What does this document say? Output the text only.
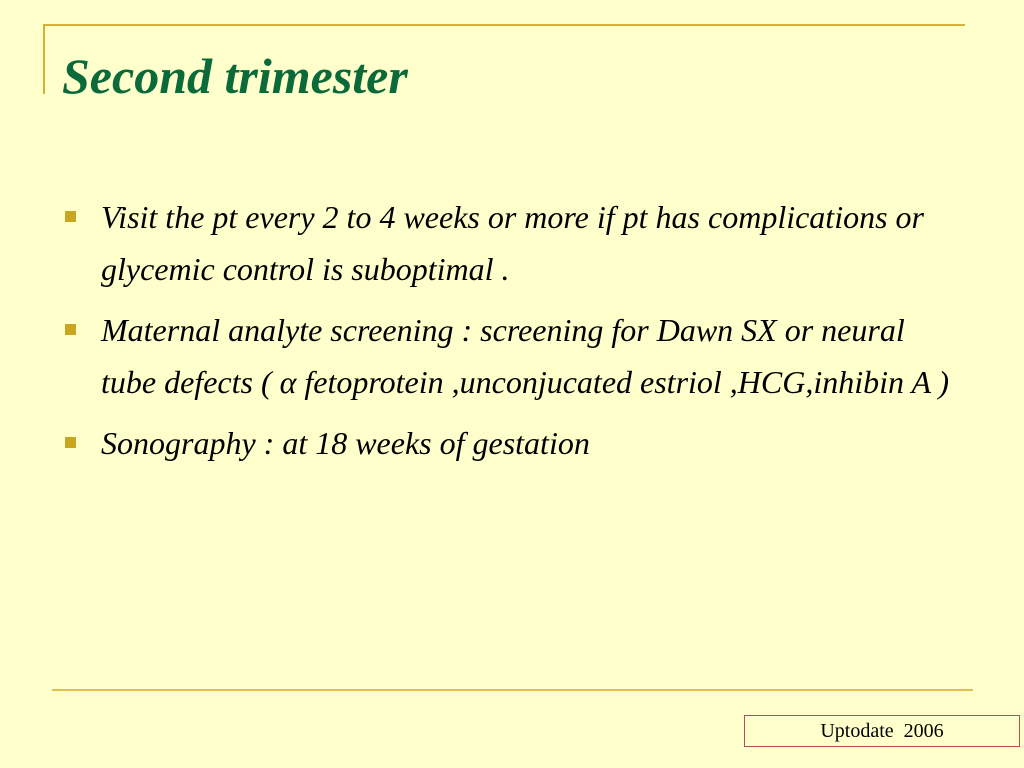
Second trimester
Visit the pt every 2 to 4 weeks or more if pt has complications or glycemic control is suboptimal .
Maternal analyte screening : screening for Dawn SX or neural tube defects ( α fetoprotein ,unconjucated estriol ,HCG,inhibin A )
Sonography : at 18 weeks of gestation
Uptodate  2006
